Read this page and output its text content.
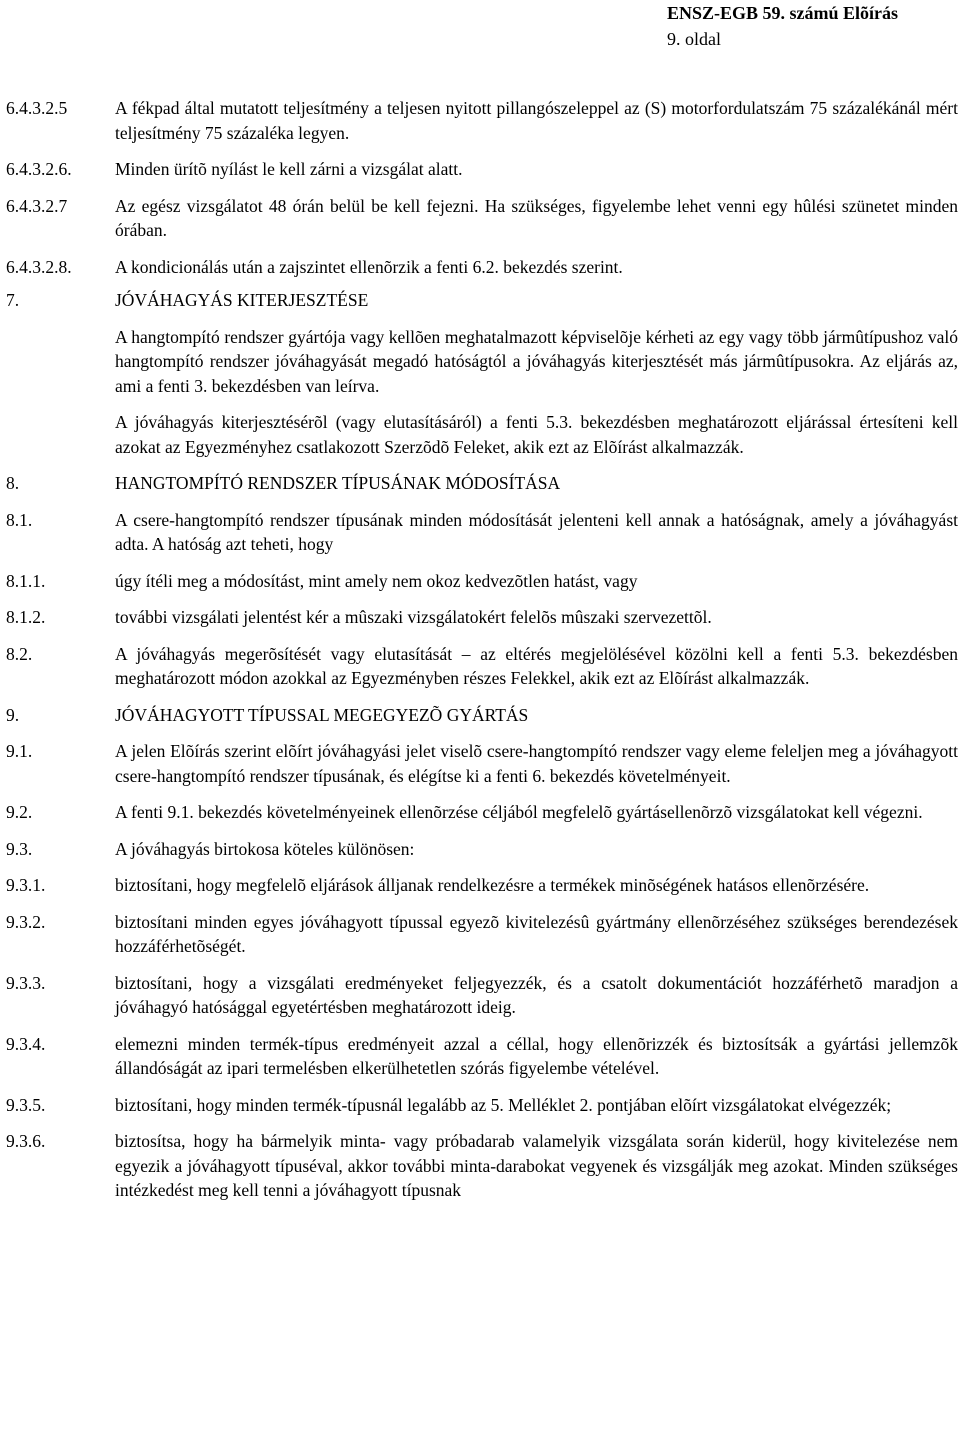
ENSZ-EGB 59. számú Elõírás
9. oldal
6.4.3.2.5	A fékpad által mutatott teljesítmény a teljesen nyitott pillangószeleppel az (S) motorfordulatszám 75 százalékánál mért teljesítmény 75 százaléka legyen.

6.4.3.2.6.	Minden ürítõ nyílást le kell zárni a vizsgálat alatt.

6.4.3.2.7	Az egész vizsgálatot 48 órán belül be kell fejezni. Ha szükséges, figyelembe lehet venni egy hûlési szünetet minden órában.

6.4.3.2.8.	A kondicionálás után a zajszintet ellenõrzik a fenti 6.2. bekezdés szerint.

7.	JÓVÁHAGYÁS KITERJESZTÉSE

A hangtompító rendszer gyártója vagy kellõen meghatalmazott képviselõje kérheti az egy vagy több jármûtípushoz való hangtompító rendszer jóváhagyását megadó hatóságtól a jóváhagyás kiterjesztését más jármûtípusokra. Az eljárás az, ami a fenti 3. bekezdésben van leírva.

A jóváhagyás kiterjesztésérõl (vagy elutasításáról) a fenti 5.3. bekezdésben meghatározott eljárással értesíteni kell azokat az Egyezményhez csatlakozott Szerzõdõ Feleket, akik ezt az Elõírást alkalmazzák.

8.	HANGTOMPÍTÓ RENDSZER TÍPUSÁNAK MÓDOSÍTÁSA

8.1.	A csere-hangtompító rendszer típusának minden módosítását jelenteni kell annak a hatóságnak, amely a jóváhagyást adta. A hatóság azt teheti, hogy

8.1.1.	úgy ítéli meg a módosítást, mint amely nem okoz kedvezõtlen hatást, vagy

8.1.2.	további vizsgálati jelentést kér a mûszaki vizsgálatokért felelõs mûszaki szervezettõl.

8.2.	A jóváhagyás megerõsítését vagy elutasítását – az eltérés megjelölésével közölni kell a fenti 5.3. bekezdésben meghatározott módon azokkal az Egyezményben részes Felekkel, akik ezt az Elõírást alkalmazzák.

9.	JÓVÁHAGYOTT TÍPUSSAL MEGEGYEZÕ GYÁRTÁS

9.1.	A jelen Elõírás szerint elõírt jóváhagyási jelet viselõ csere-hangtompító rendszer vagy eleme feleljen meg a jóváhagyott csere-hangtompító rendszer típusának, és elégítse ki a fenti 6. bekezdés követelményeit.

9.2.	A fenti 9.1. bekezdés követelményeinek ellenõrzése céljából megfelelõ gyártásellenõrzõ vizsgálatokat kell végezni.

9.3.	A jóváhagyás birtokosa köteles különösen:

9.3.1.	biztosítani, hogy megfelelõ eljárások álljanak rendelkezésre a termékek minõségének hatásos ellenõrzésére.

9.3.2.	biztosítani minden egyes jóváhagyott típussal egyezõ kivitelezésû gyártmány ellenõrzéséhez szükséges berendezések hozzáférhetõségét.

9.3.3.	biztosítani, hogy a vizsgálati eredményeket feljegyezzék, és a csatolt dokumentációt hozzáférhetõ maradjon a jóváhagyó hatósággal egyetértésben meghatározott ideig.

9.3.4.	elemezni minden termék-típus eredményeit azzal a céllal, hogy ellenõrizzék és biztosítsák a gyártási jellemzõk állandóságát az ipari termelésben elkerülhetetlen szórás figyelembe vételével.

9.3.5.	biztosítani, hogy minden termék-típusnál legalább az 5. Melléklet 2. pontjában elõírt vizsgálatokat elvégezzék;

9.3.6.	biztosítsa, hogy ha bármelyik minta- vagy próbadarab valamelyik vizsgálata során kiderül, hogy kivitelezése nem egyezik a jóváhagyott típuséval, akkor további minta-darabokat vegyenek és vizsgálják meg azokat. Minden szükséges intézkedést meg kell tenni a jóváhagyott típusnak
